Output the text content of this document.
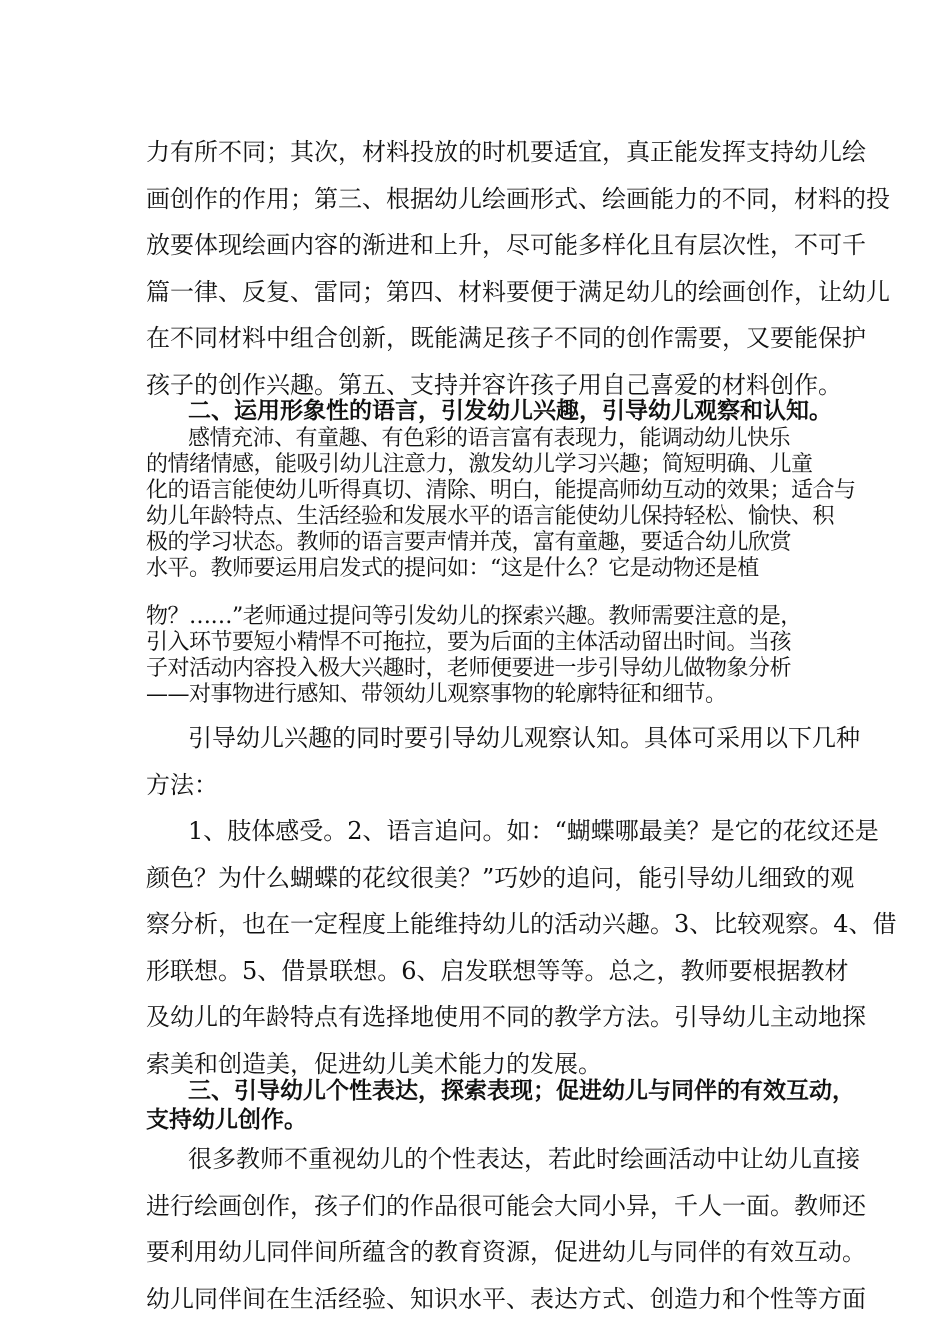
力有所不同；其次，材料投放的时机要适宜，真正能发挥支持幼儿绘
画创作的作用；第三、根据幼儿绘画形式、绘画能力的不同，材料的投
放要体现绘画内容的渐进和上升，尽可能多样化且有层次性，不可千
篇一律、反复、雷同；第四、材料要便于满足幼儿的绘画创作，让幼儿
在不同材料中组合创新，既能满足孩子不同的创作需要，又要能保护
孩子的创作兴趣。第五、支持并容许孩子用自己喜爱的材料创作。
二、运用形象性的语言，引发幼儿兴趣，引导幼儿观察和认知。
感情充沛、有童趣、有色彩的语言富有表现力，能调动幼儿快乐
的情绪情感，能吸引幼儿注意力，激发幼儿学习兴趣；简短明确、儿童
化的语言能使幼儿听得真切、清除、明白，能提高师幼互动的效果；适合与
幼儿年龄特点、生活经验和发展水平的语言能使幼儿保持轻松、愉快、积
极的学习状态。教师的语言要声情并茂，富有童趣，要适合幼儿欣赏
水平。教师要运用启发式的提问如：“这是什么？它是动物还是植
物？……”老师通过提问等引发幼儿的探索兴趣。教师需要注意的是，
引入环节要短小精悍不可拖拉，要为后面的主体活动留出时间。当孩
子对活动内容投入极大兴趣时，老师便要进一步引导幼儿做物象分析
——对事物进行感知、带领幼儿观察事物的轮廓特征和细节。
引导幼儿兴趣的同时要引导幼儿观察认知。具体可采用以下几种
方法：
1、肢体感受。2、语言追问。如：“蝴蝶哪最美？是它的花纹还是
颜色？为什么蝴蝶的花纹很美？”巧妙的追问，能引导幼儿细致的观
察分析，也在一定程度上能维持幼儿的活动兴趣。3、比较观察。4、借
形联想。5、借景联想。6、启发联想等等。总之，教师要根据教材
及幼儿的年龄特点有选择地使用不同的教学方法。引导幼儿主动地探
索美和创造美，促进幼儿美术能力的发展。
三、引导幼儿个性表达，探索表现；促进幼儿与同伴的有效互动，
支持幼儿创作。
很多教师不重视幼儿的个性表达，若此时绘画活动中让幼儿直接
进行绘画创作，孩子们的作品很可能会大同小异，千人一面。教师还
要利用幼儿同伴间所蕴含的教育资源，促进幼儿与同伴的有效互动。
幼儿同伴间在生活经验、知识水平、表达方式、创造力和个性等方面
